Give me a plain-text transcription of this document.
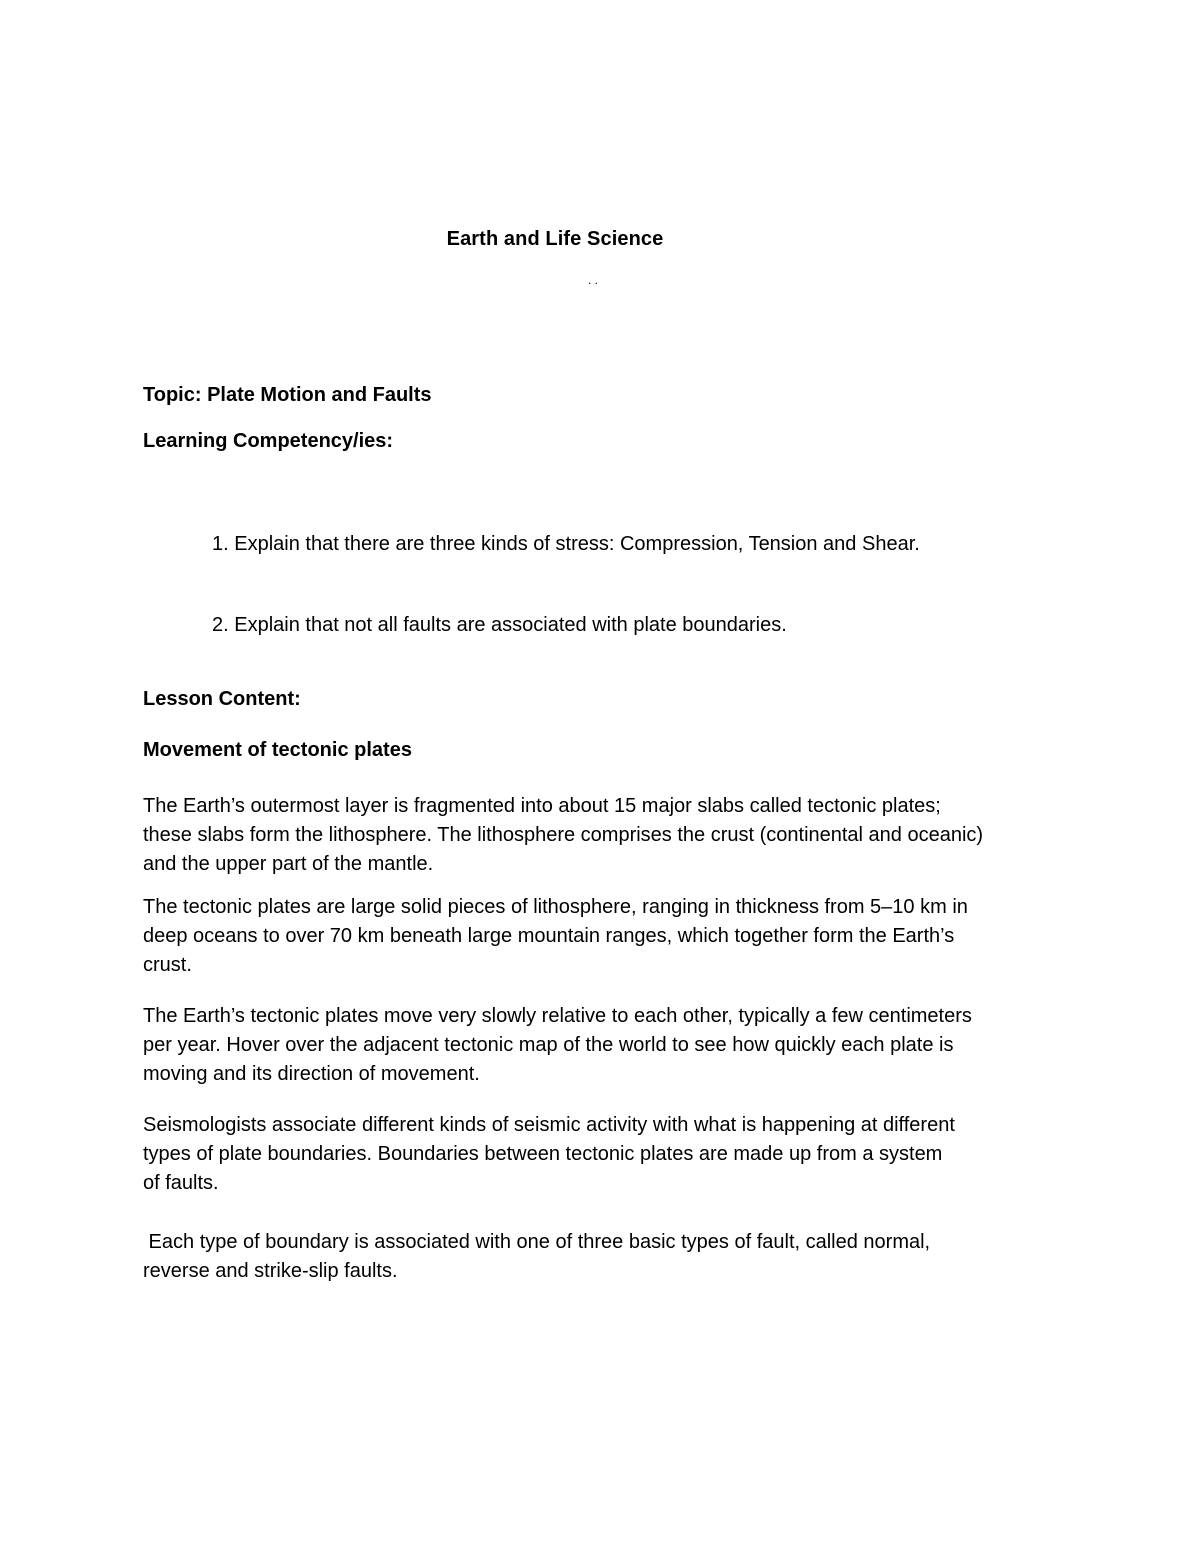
Earth and Life Science
. .
Topic: Plate Motion and Faults
Learning Competency/ies:
1. Explain that there are three kinds of stress: Compression, Tension and Shear.
2. Explain that not all faults are associated with plate boundaries.
Lesson Content:
Movement of tectonic plates
The Earth’s outermost layer is fragmented into about 15 major slabs called tectonic plates;
these slabs form the lithosphere. The lithosphere comprises the crust (continental and oceanic)
and the upper part of the mantle.
The tectonic plates are large solid pieces of lithosphere, ranging in thickness from 5–10 km in
deep oceans to over 70 km beneath large mountain ranges, which together form the Earth’s
crust.
The Earth’s tectonic plates move very slowly relative to each other, typically a few centimeters
per year. Hover over the adjacent tectonic map of the world to see how quickly each plate is
moving and its direction of movement.
Seismologists associate different kinds of seismic activity with what is happening at different
types of plate boundaries. Boundaries between tectonic plates are made up from a system
of faults.
Each type of boundary is associated with one of three basic types of fault, called normal,
reverse and strike-slip faults.
